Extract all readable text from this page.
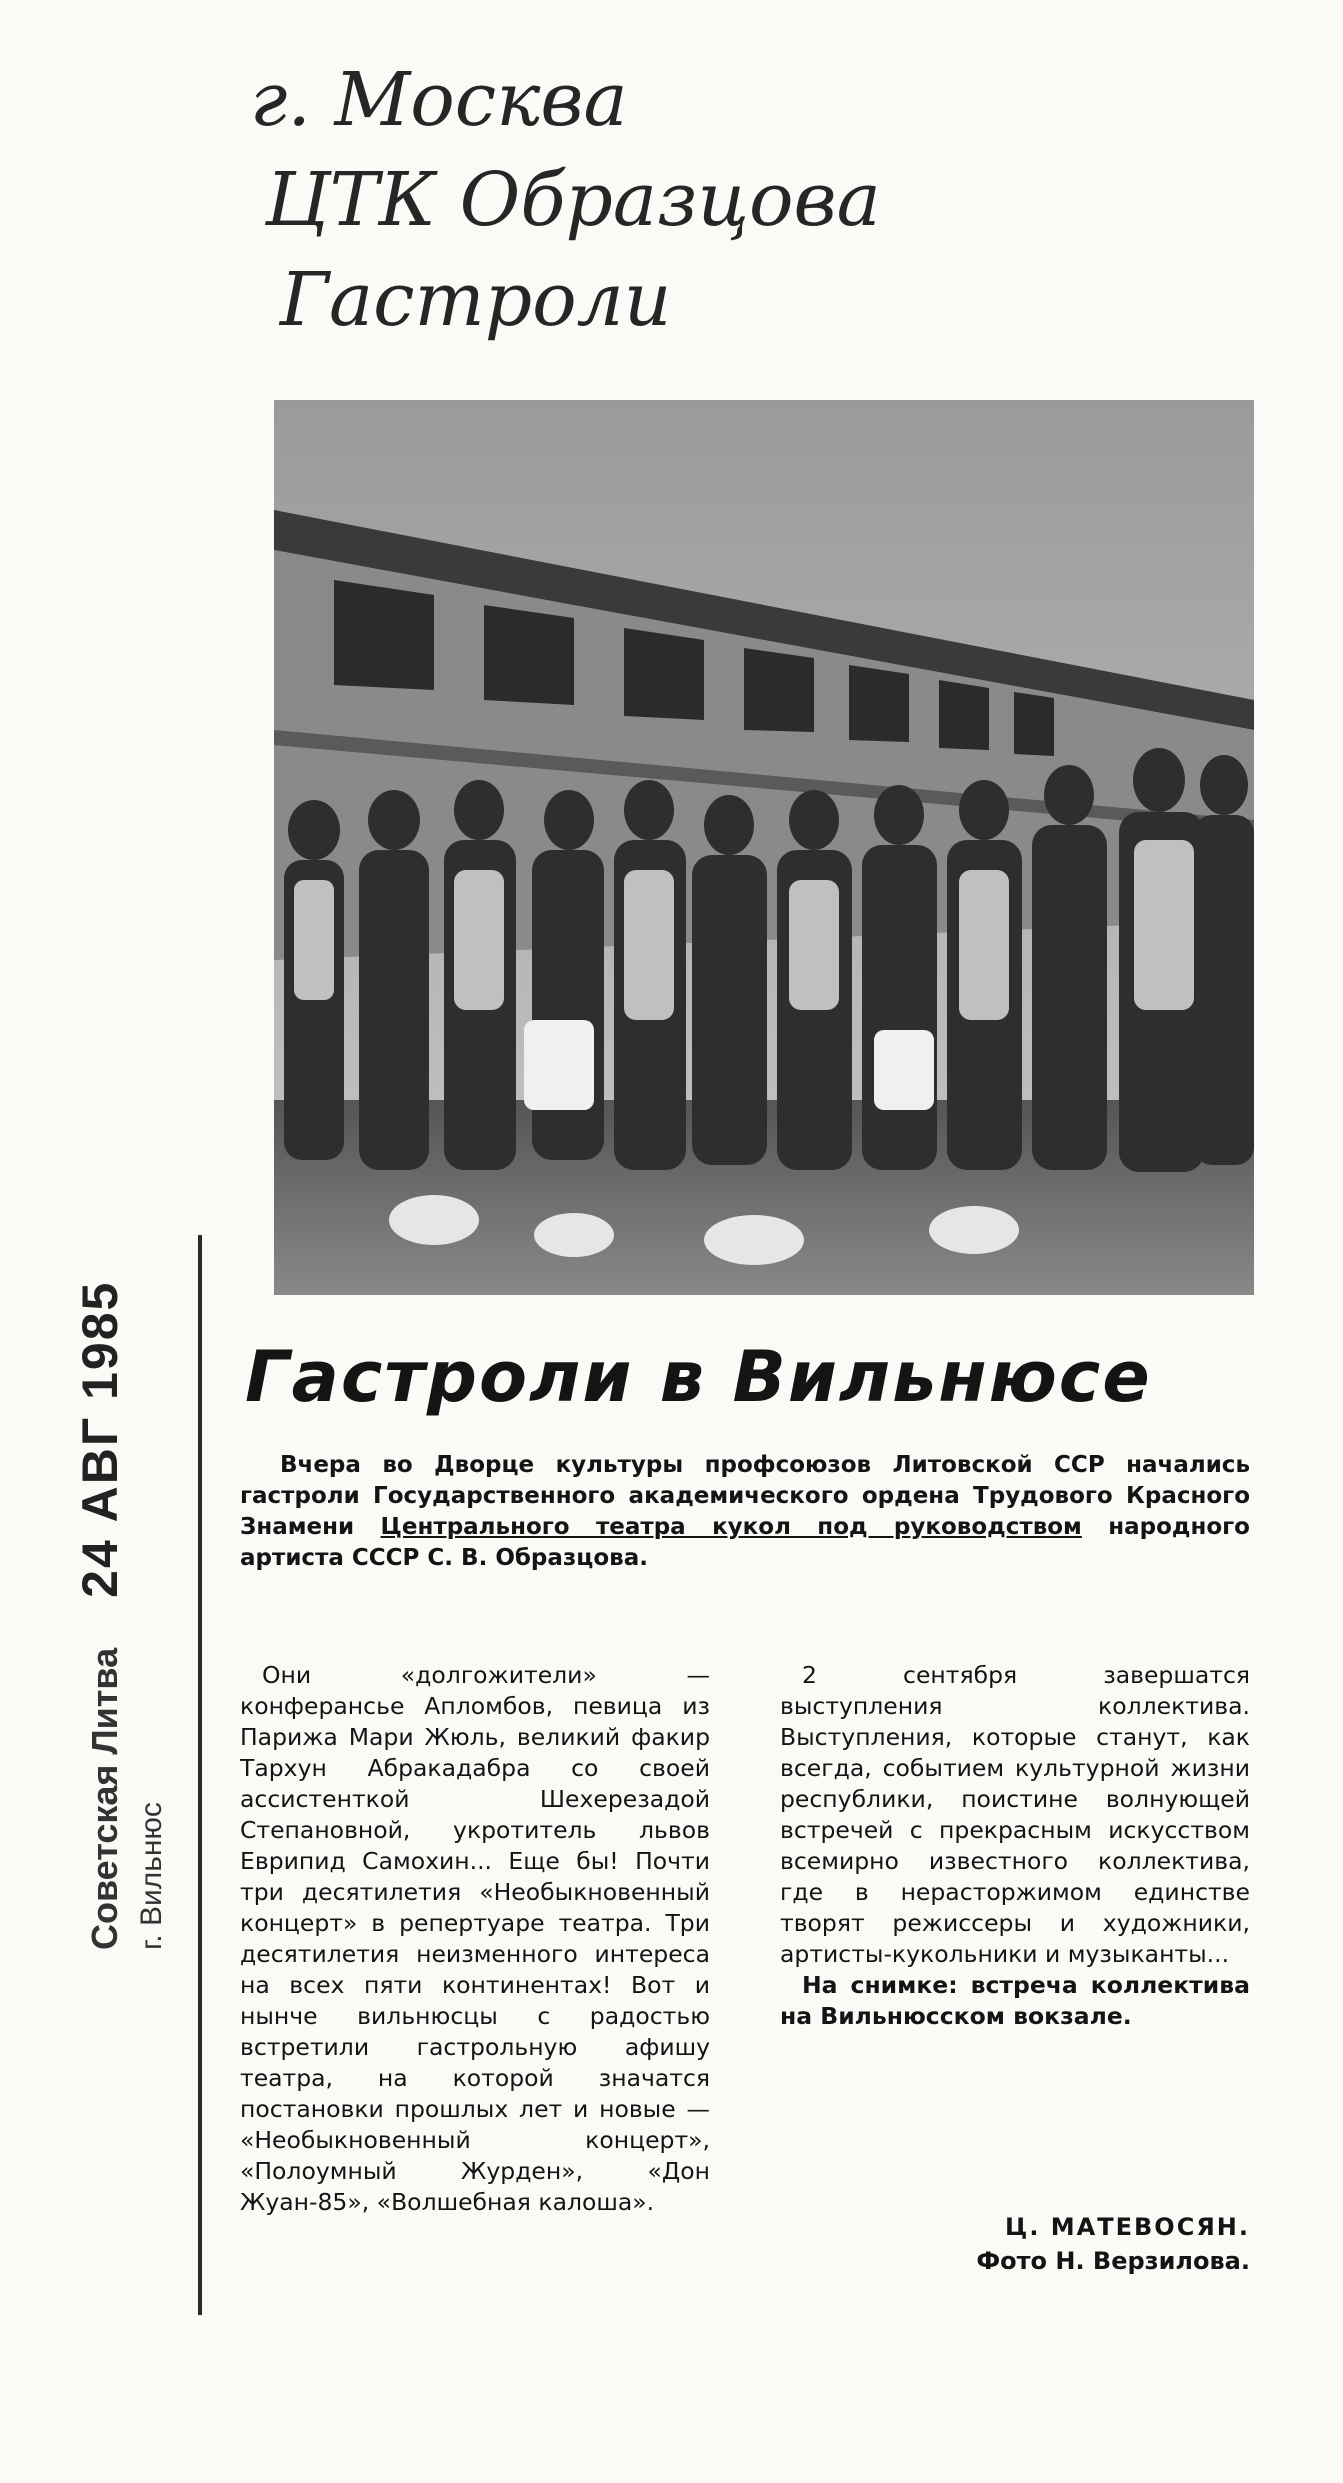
г. Москва
ЦТК Образцова
Гастроли
Советская Литва 24 АВГ 1985
г. Вильнюс
Гастроли в Вильнюсе
Вчера во Дворце культуры профсоюзов Литовской ССР начались гастроли Государственного академического ордена Трудового Красного Знамени Центрального театра кукол под руководством народного артиста СССР С. В. Образцова.

Они «долгожители» — конферансье Апломбов, певица из Парижа Мари Жюль, великий факир Тархун Абракадабра со своей ассистенткой Шехерезадой Степановной, укротитель львов Еврипид Самохин... Еще бы! Почти три десятилетия «Необыкновенный концерт» в репертуаре театра. Три десятилетия неизменного интереса на всех пяти континентах! Вот и нынче вильнюсцы с радостью встретили гастрольную афишу театра, на которой значатся постановки прошлых лет и новые — «Необыкновенный концерт», «Полоумный Журден», «Дон Жуан-85», «Волшебная калоша».

2 сентября завершатся выступления коллектива. Выступления, которые станут, как всегда, событием культурной жизни республики, поистине волнующей встречей с прекрасным искусством всемирно известного коллектива, где в нерасторжимом единстве творят режиссеры и художники, артисты-кукольники и музыканты...

На снимке: встреча коллектива на Вильнюсском вокзале.

Ц. МАТЕВОСЯН.
Фото Н. Верзилова.
